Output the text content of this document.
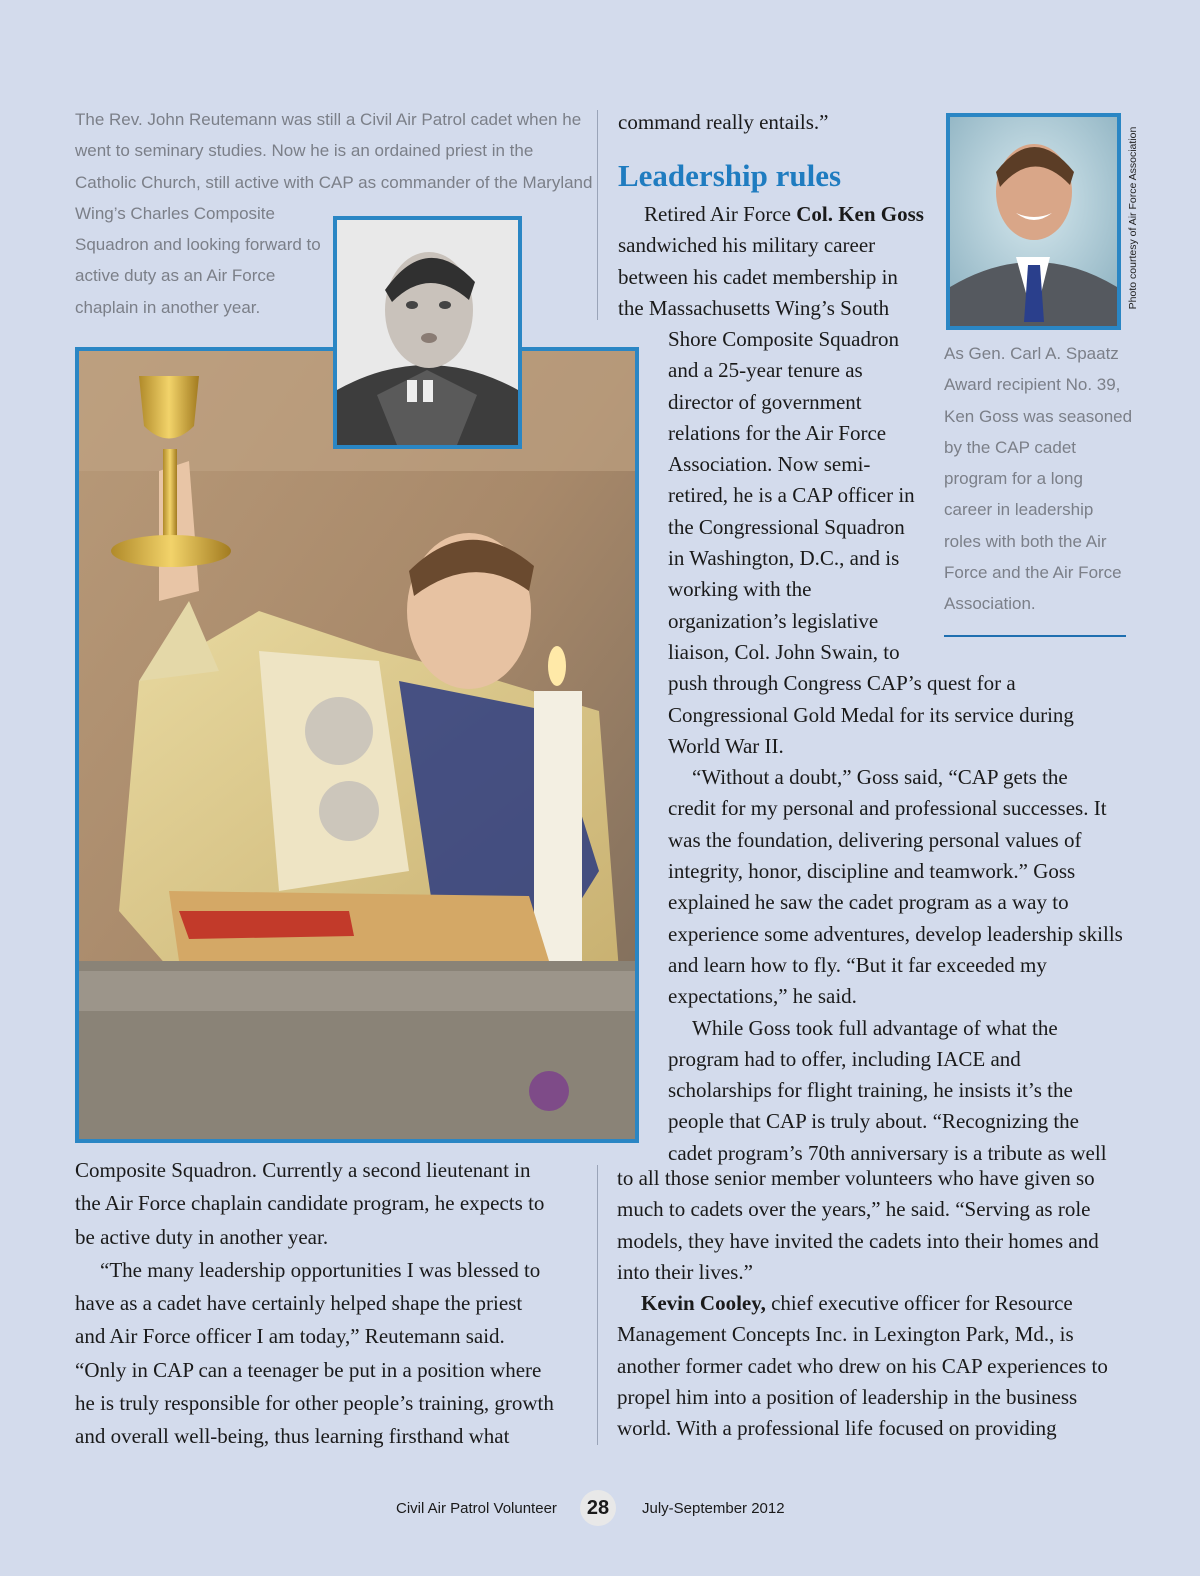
The Rev. John Reutemann was still a Civil Air Patrol cadet when he
went to seminary studies. Now he is an ordained priest in the
Catholic Church, still active with CAP as commander of the Maryland
Wing’s Charles Composite
Squadron and looking forward to
active duty as an Air Force
chaplain in another year.
Composite Squadron. Currently a second lieutenant in
the Air Force chaplain candidate program, he expects to
be active duty in another year.
“The many leadership opportunities I was blessed to
have as a cadet have certainly helped shape the priest
and Air Force officer I am today,” Reutemann said.
“Only in CAP can a teenager be put in a position where
he is truly responsible for other people’s training, growth
and overall well-being, thus learning firsthand what
command really entails.”
Leadership rules
Retired Air Force Col. Ken Goss
sandwiched his military career
between his cadet membership in
the Massachusetts Wing’s South
Shore Composite Squadron
and a 25-year tenure as
director of government
relations for the Air Force
Association. Now semi-
retired, he is a CAP officer in
the Congressional Squadron
in Washington, D.C., and is
working with the
organization’s legislative
liaison, Col. John Swain, to
push through Congress CAP’s quest for a
Congressional Gold Medal for its service during
World War II.
“Without a doubt,” Goss said, “CAP gets the
credit for my personal and professional successes. It
was the foundation, delivering personal values of
integrity, honor, discipline and teamwork.” Goss
explained he saw the cadet program as a way to
experience some adventures, develop leadership skills
and learn how to fly. “But it far exceeded my
expectations,” he said.
While Goss took full advantage of what the
program had to offer, including IACE and
scholarships for flight training, he insists it’s the
people that CAP is truly about. “Recognizing the
cadet program’s 70th anniversary is a tribute as well
to all those senior member volunteers who have given so
much to cadets over the years,” he said. “Serving as role
models, they have invited the cadets into their homes and
into their lives.”
Kevin Cooley, chief executive officer for Resource
Management Concepts Inc. in Lexington Park, Md., is
another former cadet who drew on his CAP experiences to
propel him into a position of leadership in the business
world. With a professional life focused on providing
Photo courtesy of Air Force Association
As Gen. Carl A. Spaatz
Award recipient No. 39,
Ken Goss was seasoned
by the CAP cadet
program for a long
career in leadership
roles with both the Air
Force and the Air Force
Association.
Civil Air Patrol Volunteer	28	July-September 2012
